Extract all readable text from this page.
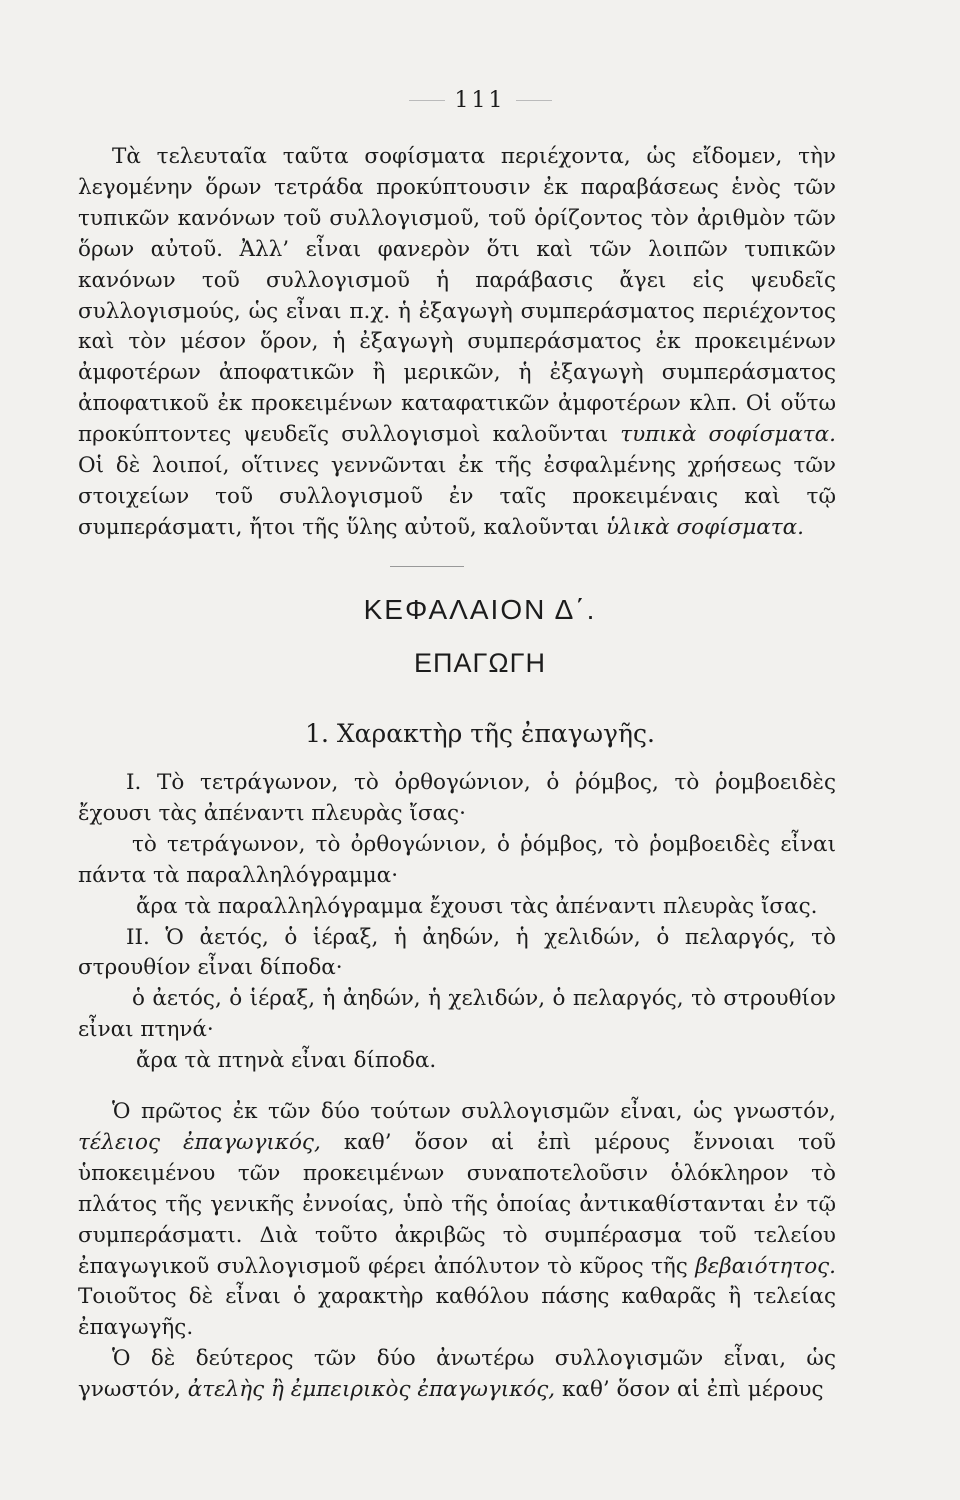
111

Τὰ τελευταῖα ταῦτα σοφίσματα περιέχοντα, ὡς εἴδομεν, τὴν λεγομένην ὅρων τετράδα προκύπτουσιν ἐκ παραβάσεως ἑνὸς τῶν τυπικῶν κανόνων τοῦ συλλογισμοῦ, τοῦ ὁρίζοντος τὸν ἀριθμὸν τῶν ὅρων αὐτοῦ. Ἀλλ’ εἶναι φανερὸν ὅτι καὶ τῶν λοιπῶν τυπικῶν κανόνων τοῦ συλλογισμοῦ ἡ παράβασις ἄγει εἰς ψευδεῖς συλλογισμούς, ὡς εἶναι π.χ. ἡ ἐξαγωγὴ συμπεράσματος περιέχοντος καὶ τὸν μέσον ὅρον, ἡ ἐξαγωγὴ συμπεράσματος ἐκ προκειμένων ἀμφοτέρων ἀποφατικῶν ἢ μερικῶν, ἡ ἐξαγωγὴ συμπεράσματος ἀποφατικοῦ ἐκ προκειμένων καταφατικῶν ἀμφοτέρων κλπ. Οἱ οὕτω προκύπτοντες ψευδεῖς συλλογισμοὶ καλοῦνται τυπικὰ σοφίσματα. Οἱ δὲ λοιποί, οἵτινες γεννῶνται ἐκ τῆς ἐσφαλμένης χρήσεως τῶν στοιχείων τοῦ συλλογισμοῦ ἐν ταῖς προκειμέναις καὶ τῷ συμπεράσματι, ἤτοι τῆς ὕλης αὐτοῦ, καλοῦνται ὑλικὰ σοφίσματα.

ΚΕΦΑΛΑΙΟΝ Δ΄.
ΕΠΑΓΩΓΗ
1. Χαρακτὴρ τῆς ἐπαγωγῆς.

I. Τὸ τετράγωνον, τὸ ὀρθογώνιον, ὁ ῥόμβος, τὸ ῥομβοειδὲς ἔχουσι τὰς ἀπέναντι πλευρὰς ἴσας·

τὸ τετράγωνον, τὸ ὀρθογώνιον, ὁ ῥόμβος, τὸ ῥομβοειδὲς εἶναι πάντα τὰ παραλληλόγραμμα·

ἄρα τὰ παραλληλόγραμμα ἔχουσι τὰς ἀπέναντι πλευρὰς ἴσας.

II. Ὁ ἀετός, ὁ ἱέραξ, ἡ ἀηδών, ἡ χελιδών, ὁ πελαργός, τὸ στρουθίον εἶναι δίποδα·

ὁ ἀετός, ὁ ἱέραξ, ἡ ἀηδών, ἡ χελιδών, ὁ πελαργός, τὸ στρουθίον εἶναι πτηνά·

ἄρα τὰ πτηνὰ εἶναι δίποδα.

Ὁ πρῶτος ἐκ τῶν δύο τούτων συλλογισμῶν εἶναι, ὡς γνωστόν, τέλειος ἐπαγωγικός, καθ’ ὅσον αἱ ἐπὶ μέρους ἔννοιαι τοῦ ὑποκειμένου τῶν προκειμένων συναποτελοῦσιν ὁλόκληρον τὸ πλάτος τῆς γενικῆς ἐννοίας, ὑπὸ τῆς ὁποίας ἀντικαθίστανται ἐν τῷ συμπεράσματι. Διὰ τοῦτο ἀκριβῶς τὸ συμπέρασμα τοῦ τελείου ἐπαγωγικοῦ συλλογισμοῦ φέρει ἀπόλυτον τὸ κῦρος τῆς βεβαιότητος. Τοιοῦτος δὲ εἶναι ὁ χαρακτὴρ καθόλου πάσης καθαρᾶς ἢ τελείας ἐπαγωγῆς.

Ὁ δὲ δεύτερος τῶν δύο ἀνωτέρω συλλογισμῶν εἶναι, ὡς γνωστόν, ἀτελὴς ἢ ἐμπειρικὸς ἐπαγωγικός, καθ’ ὅσον αἱ ἐπὶ μέρους
